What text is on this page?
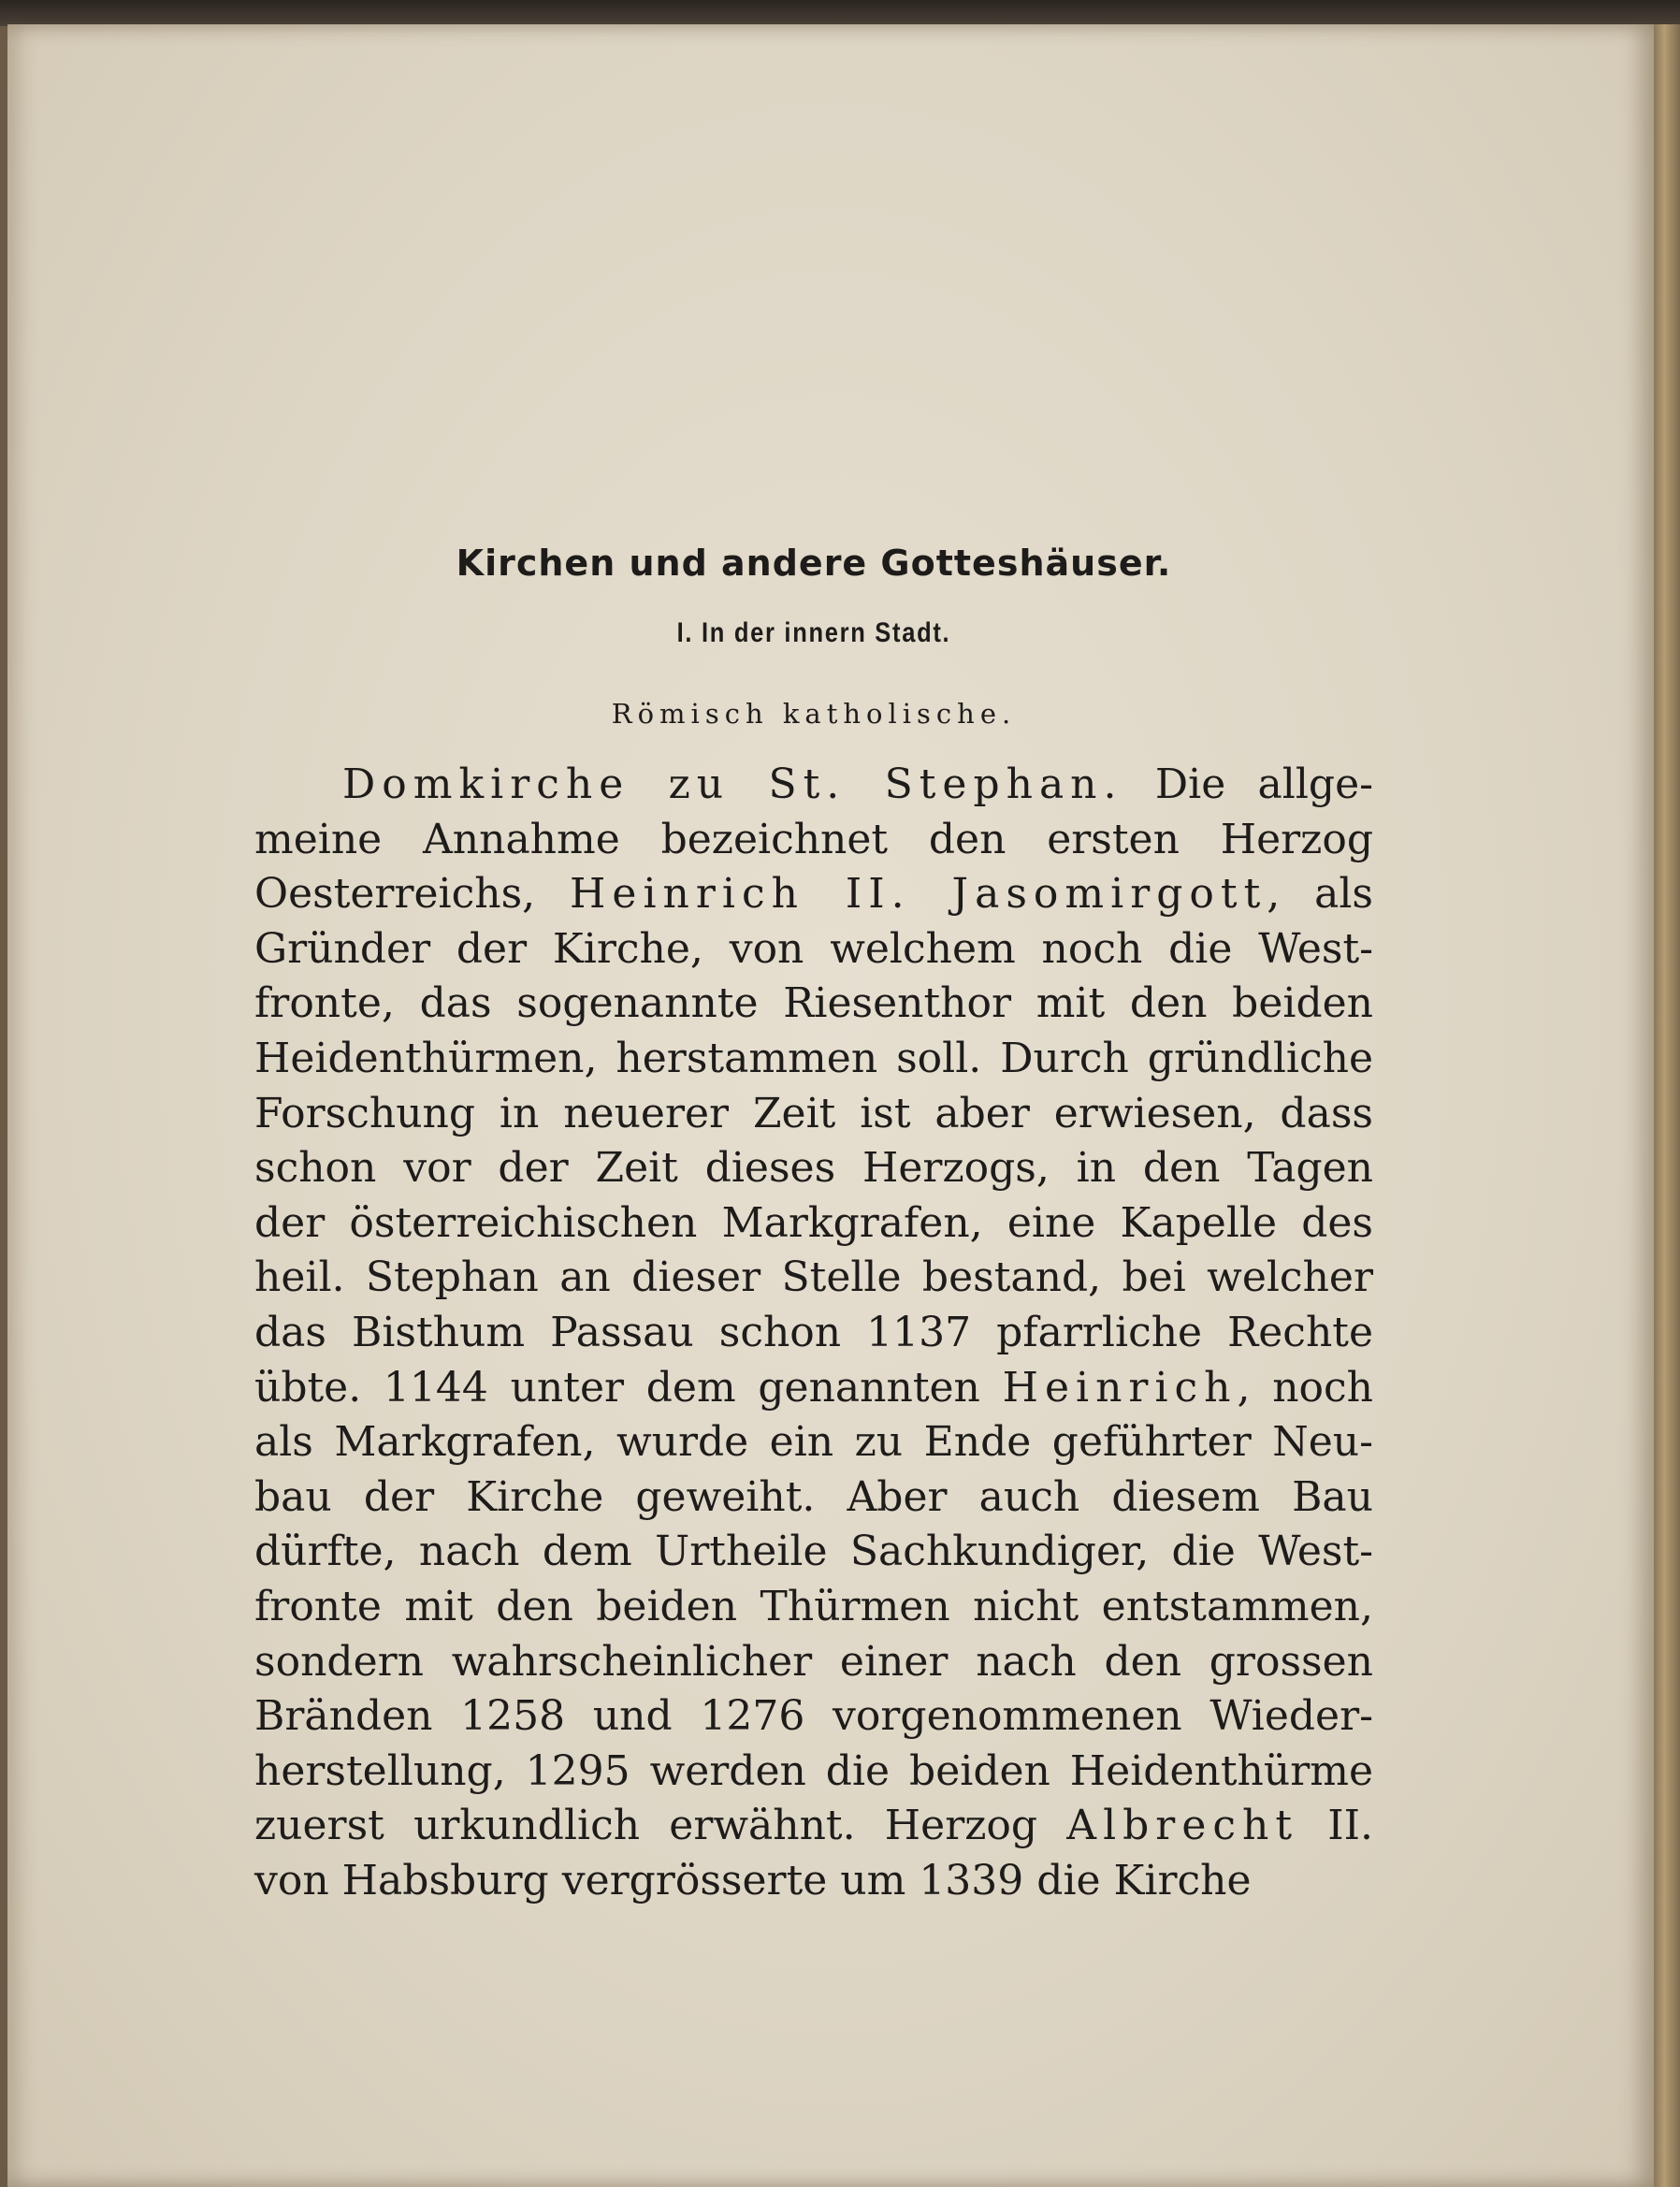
Kirchen und andere Gotteshäuser.
I. In der innern Stadt.
Römisch katholische.
Domkirche zu St. Stephan. Die allge-
meine Annahme bezeichnet den ersten Herzog
Oesterreichs, Heinrich II. Jasomirgott, als
Gründer der Kirche, von welchem noch die West-
fronte, das sogenannte Riesenthor mit den beiden
Heidenthürmen, herstammen soll. Durch gründliche
Forschung in neuerer Zeit ist aber erwiesen, dass
schon vor der Zeit dieses Herzogs, in den Tagen
der österreichischen Markgrafen, eine Kapelle des
heil. Stephan an dieser Stelle bestand, bei welcher
das Bisthum Passau schon 1137 pfarrliche Rechte
übte. 1144 unter dem genannten Heinrich, noch
als Markgrafen, wurde ein zu Ende geführter Neu-
bau der Kirche geweiht. Aber auch diesem Bau
dürfte, nach dem Urtheile Sachkundiger, die West-
fronte mit den beiden Thürmen nicht entstammen,
sondern wahrscheinlicher einer nach den grossen
Bränden 1258 und 1276 vorgenommenen Wieder-
herstellung, 1295 werden die beiden Heidenthürme
zuerst urkundlich erwähnt. Herzog Albrecht II.
von Habsburg vergrösserte um 1339 die Kirche
